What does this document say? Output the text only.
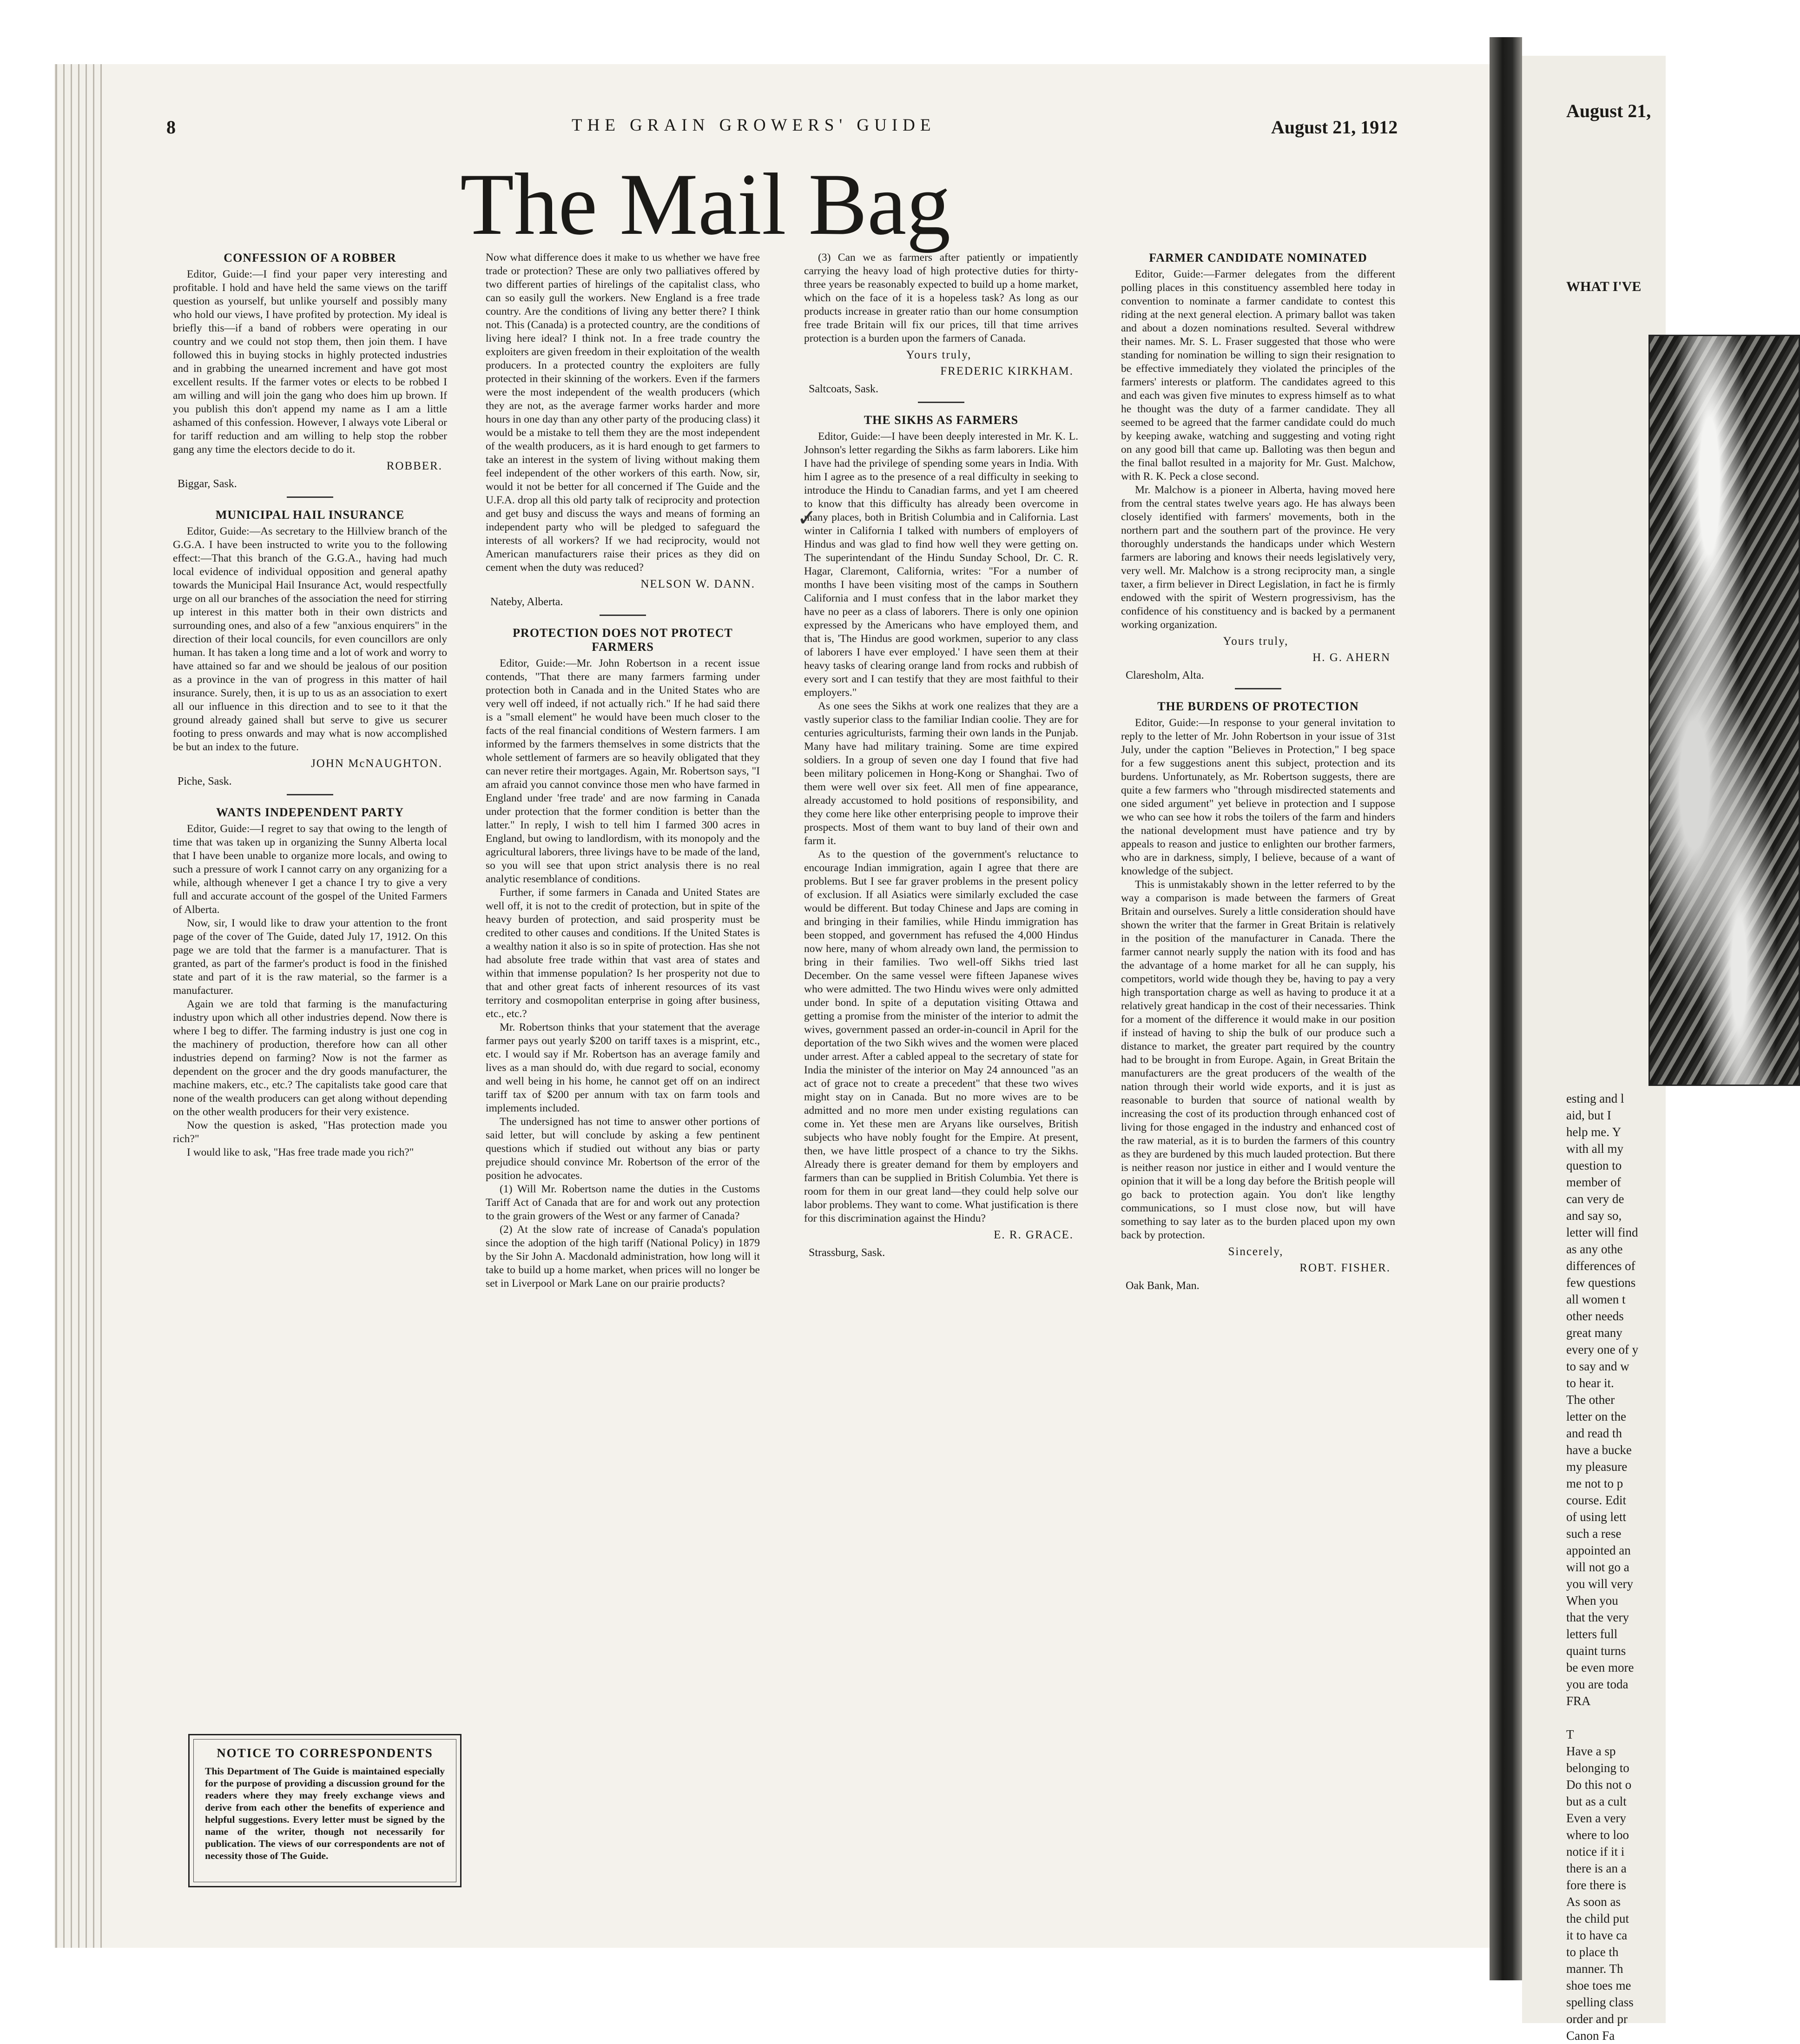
August 21,
WHAT I'VE
esting and l
aid, but I
help me. Y
with all my
question to
member of
can very de
and say so,
letter will find
as any othe
differences of
few questions
all women t
other needs
great many
every one of y
to say and w
to hear it.
The other
letter on the
and read th
have a bucke
my pleasure
me not to p
course. Edit
of using lett
such a rese
appointed an
will not go a
you will very
When you
that the very
letters full
quaint turns
be even more
you are toda
FRA

T
Have a sp
belonging to
Do this not o
but as a cult
Even a very
where to loo
notice if it i
there is an a
fore there is
As soon as
the child put
it to have ca
to place th
manner. Th
shoe toes me
spelling class
order and pr
Canon Fa
8	THE GRAIN GROWERS' GUIDE	August 21, 1912
The Mail Bag
CONFESSION OF A ROBBER

Editor, Guide:—I find your paper very interesting and profitable. I hold and have held the same views on the tariff question as yourself, but unlike yourself and possibly many who hold our views, I have profited by protection. My ideal is briefly this—if a band of robbers were operating in our country and we could not stop them, then join them. I have followed this in buying stocks in highly protected industries and in grabbing the unearned increment and have got most excellent results. If the farmer votes or elects to be robbed I am willing and will join the gang who does him up brown. If you publish this don't append my name as I am a little ashamed of this confession. However, I always vote Liberal or for tariff reduction and am willing to help stop the robber gang any time the electors decide to do it.

ROBBER.
Biggar, Sask.
MUNICIPAL HAIL INSURANCE

Editor, Guide:—As secretary to the Hillview branch of the G.G.A. I have been instructed to write you to the following effect:—That this branch of the G.G.A., having had much local evidence of individual opposition and general apathy towards the Municipal Hail Insurance Act, would respectfully urge on all our branches of the association the need for stirring up interest in this matter both in their own districts and surrounding ones, and also of a few "anxious enquirers" in the direction of their local councils, for even councillors are only human. It has taken a long time and a lot of work and worry to have attained so far and we should be jealous of our position as a province in the van of progress in this matter of hail insurance. Surely, then, it is up to us as an association to exert all our influence in this direction and to see to it that the ground already gained shall but serve to give us securer footing to press onwards and may what is now accomplished be but an index to the future.

JOHN McNAUGHTON.
Piche, Sask.
WANTS INDEPENDENT PARTY

Editor, Guide:—I regret to say that owing to the length of time that was taken up in organizing the Sunny Alberta local that I have been unable to organize more locals, and owing to such a pressure of work I cannot carry on any organizing for a while, although whenever I get a chance I try to give a very full and accurate account of the gospel of the United Farmers of Alberta.

Now, sir, I would like to draw your attention to the front page of the cover of The Guide, dated July 17, 1912. On this page we are told that the farmer is a manufacturer. That is granted, as part of the farmer's product is food in the finished state and part of it is the raw material, so the farmer is a manufacturer.

Again we are told that farming is the manufacturing industry upon which all other industries depend. Now there is where I beg to differ. The farming industry is just one cog in the machinery of production, therefore how can all other industries depend on farming? Now is not the farmer as dependent on the grocer and the dry goods manufacturer, the machine makers, etc., etc.? The capitalists take good care that none of the wealth producers can get along without depending on the other wealth producers for their very existence.

Now the question is asked, "Has protection made you rich?"

I would like to ask, "Has free trade made you rich?"

NOTICE TO CORRESPONDENTS

This Department of The Guide is maintained especially for the purpose of providing a discussion ground for the readers where they may freely exchange views and derive from each other the benefits of experience and helpful suggestions. Every letter must be signed by the name of the writer, though not necessarily for publication. The views of our correspondents are not of necessity those of The Guide.

Now what difference does it make to us whether we have free trade or protection? These are only two palliatives offered by two different parties of hirelings of the capitalist class, who can so easily gull the workers. New England is a free trade country. Are the conditions of living any better there? I think not. This (Canada) is a protected country, are the conditions of living here ideal? I think not. In a free trade country the exploiters are given freedom in their exploitation of the wealth producers. In a protected country the exploiters are fully protected in their skinning of the workers. Even if the farmers were the most independent of the wealth producers (which they are not, as the average farmer works harder and more hours in one day than any other party of the producing class) it would be a mistake to tell them they are the most independent of the wealth producers, as it is hard enough to get farmers to take an interest in the system of living without making them feel independent of the other workers of this earth. Now, sir, would it not be better for all concerned if The Guide and the U.F.A. drop all this old party talk of reciprocity and protection and get busy and discuss the ways and means of forming an independent party who will be pledged to safeguard the interests of all workers? If we had reciprocity, would not American manufacturers raise their prices as they did on cement when the duty was reduced?

NELSON W. DANN.
Nateby, Alberta.
PROTECTION DOES NOT PROTECT FARMERS

Editor, Guide:—Mr. John Robertson in a recent issue contends, "That there are many farmers farming under protection both in Canada and in the United States who are very well off indeed, if not actually rich." If he had said there is a "small element" he would have been much closer to the facts of the real financial conditions of Western farmers. I am informed by the farmers themselves in some districts that the whole settlement of farmers are so heavily obligated that they can never retire their mortgages. Again, Mr. Robertson says, "I am afraid you cannot convince those men who have farmed in England under 'free trade' and are now farming in Canada under protection that the former condition is better than the latter." In reply, I wish to tell him I farmed 300 acres in England, but owing to landlordism, with its monopoly and the agricultural laborers, three livings have to be made of the land, so you will see that upon strict analysis there is no real analytic resemblance of conditions.

Further, if some farmers in Canada and United States are well off, it is not to the credit of protection, but in spite of the heavy burden of protection, and said prosperity must be credited to other causes and conditions. If the United States is a wealthy nation it also is so in spite of protection. Has she not had absolute free trade within that vast area of states and within that immense population? Is her prosperity not due to that and other great facts of inherent resources of its vast territory and cosmopolitan enterprise in going after business, etc., etc.?

Mr. Robertson thinks that your statement that the average farmer pays out yearly $200 on tariff taxes is a misprint, etc., etc. I would say if Mr. Robertson has an average family and lives as a man should do, with due regard to social, economy and well being in his home, he cannot get off on an indirect tariff tax of $200 per annum with tax on farm tools and implements included.

The undersigned has not time to answer other portions of said letter, but will conclude by asking a few pentinent questions which if studied out without any bias or party prejudice should convince Mr. Robertson of the error of the position he advocates.

(1) Will Mr. Robertson name the duties in the Customs Tariff Act of Canada that are for and work out any protection to the grain growers of the West or any farmer of Canada?

(2) At the slow rate of increase of Canada's population since the adoption of the high tariff (National Policy) in 1879 by the Sir John A. Macdonald administration, how long will it take to build up a home market, when prices will no longer be set in Liverpool or Mark Lane on our prairie products?

(3) Can we as farmers after patiently or impatiently carrying the heavy load of high protective duties for thirty-three years be reasonably expected to build up a home market, which on the face of it is a hopeless task? As long as our products increase in greater ratio than our home consumption free trade Britain will fix our prices, till that time arrives protection is a burden upon the farmers of Canada.

Yours truly,
FREDERIC KIRKHAM.
Saltcoats, Sask.
THE SIKHS AS FARMERS

Editor, Guide:—I have been deeply interested in Mr. K. L. Johnson's letter regarding the Sikhs as farm laborers. Like him I have had the privilege of spending some years in India. With him I agree as to the presence of a real difficulty in seeking to introduce the Hindu to Canadian farms, and yet I am cheered to know that this difficulty has already been overcome in many places, both in British Columbia and in California. Last winter in California I talked with numbers of employers of Hindus and was glad to find how well they were getting on. The superintendant of the Hindu Sunday School, Dr. C. R. Hagar, Claremont, California, writes: "For a number of months I have been visiting most of the camps in Southern California and I must confess that in the labor market they have no peer as a class of laborers. There is only one opinion expressed by the Americans who have employed them, and that is, 'The Hindus are good workmen, superior to any class of laborers I have ever employed.' I have seen them at their heavy tasks of clearing orange land from rocks and rubbish of every sort and I can testify that they are most faithful to their employers."

As one sees the Sikhs at work one realizes that they are a vastly superior class to the familiar Indian coolie. They are for centuries agriculturists, farming their own lands in the Punjab. Many have had military training. Some are time expired soldiers. In a group of seven one day I found that five had been military policemen in Hong-Kong or Shanghai. Two of them were well over six feet. All men of fine appearance, already accustomed to hold positions of responsibility, and they come here like other enterprising people to improve their prospects. Most of them want to buy land of their own and farm it.

As to the question of the government's reluctance to encourage Indian immigration, again I agree that there are problems. But I see far graver problems in the present policy of exclusion. If all Asiatics were similarly excluded the case would be different. But today Chinese and Japs are coming in and bringing in their families, while Hindu immigration has been stopped, and government has refused the 4,000 Hindus now here, many of whom already own land, the permission to bring in their families. Two well-off Sikhs tried last December. On the same vessel were fifteen Japanese wives who were admitted. The two Hindu wives were only admitted under bond. In spite of a deputation visiting Ottawa and getting a promise from the minister of the interior to admit the wives, government passed an order-in-council in April for the deportation of the two Sikh wives and the women were placed under arrest. After a cabled appeal to the secretary of state for India the minister of the interior on May 24 announced "as an act of grace not to create a precedent" that these two wives might stay on in Canada. But no more wives are to be admitted and no more men under existing regulations can come in. Yet these men are Aryans like ourselves, British subjects who have nobly fought for the Empire. At present, then, we have little prospect of a chance to try the Sikhs. Already there is greater demand for them by employers and farmers than can be supplied in British Columbia. Yet there is room for them in our great land—they could help solve our labor problems. They want to come. What justification is there for this discrimination against the Hindu?

E. R. GRACE.
Strassburg, Sask.
FARMER CANDIDATE NOMINATED

Editor, Guide:—Farmer delegates from the different polling places in this constituency assembled here today in convention to nominate a farmer candidate to contest this riding at the next general election. A primary ballot was taken and about a dozen nominations resulted. Several withdrew their names. Mr. S. L. Fraser suggested that those who were standing for nomination be willing to sign their resignation to be effective immediately they violated the principles of the farmers' interests or platform. The candidates agreed to this and each was given five minutes to express himself as to what he thought was the duty of a farmer candidate. They all seemed to be agreed that the farmer candidate could do much by keeping awake, watching and suggesting and voting right on any good bill that came up. Balloting was then begun and the final ballot resulted in a majority for Mr. Gust. Malchow, with R. K. Peck a close second.

Mr. Malchow is a pioneer in Alberta, having moved here from the central states twelve years ago. He has always been closely identified with farmers' movements, both in the northern part and the southern part of the province. He very thoroughly understands the handicaps under which Western farmers are laboring and knows their needs legislatively very, very well. Mr. Malchow is a strong reciprocity man, a single taxer, a firm believer in Direct Legislation, in fact he is firmly endowed with the spirit of Western progressivism, has the confidence of his constituency and is backed by a permanent working organization.

Yours truly,
H. G. AHERN
Claresholm, Alta.
THE BURDENS OF PROTECTION

Editor, Guide:—In response to your general invitation to reply to the letter of Mr. John Robertson in your issue of 31st July, under the caption "Believes in Protection," I beg space for a few suggestions anent this subject, protection and its burdens. Unfortunately, as Mr. Robertson suggests, there are quite a few farmers who "through misdirected statements and one sided argument" yet believe in protection and I suppose we who can see how it robs the toilers of the farm and hinders the national development must have patience and try by appeals to reason and justice to enlighten our brother farmers, who are in darkness, simply, I believe, because of a want of knowledge of the subject.

This is unmistakably shown in the letter referred to by the way a comparison is made between the farmers of Great Britain and ourselves. Surely a little consideration should have shown the writer that the farmer in Great Britain is relatively in the position of the manufacturer in Canada. There the farmer cannot nearly supply the nation with its food and has the advantage of a home market for all he can supply, his competitors, world wide though they be, having to pay a very high transportation charge as well as having to produce it at a relatively great handicap in the cost of their necessaries. Think for a moment of the difference it would make in our position if instead of having to ship the bulk of our produce such a distance to market, the greater part required by the country had to be brought in from Europe. Again, in Great Britain the manufacturers are the great producers of the wealth of the nation through their world wide exports, and it is just as reasonable to burden that source of national wealth by increasing the cost of its production through enhanced cost of living for those engaged in the industry and enhanced cost of the raw material, as it is to burden the farmers of this country as they are burdened by this much lauded protection. But there is neither reason nor justice in either and I would venture the opinion that it will be a long day before the British people will go back to protection again. You don't like lengthy communications, so I must close now, but will have something to say later as to the burden placed upon my own back by protection.

Sincerely,
ROBT. FISHER.
Oak Bank, Man.
✓
